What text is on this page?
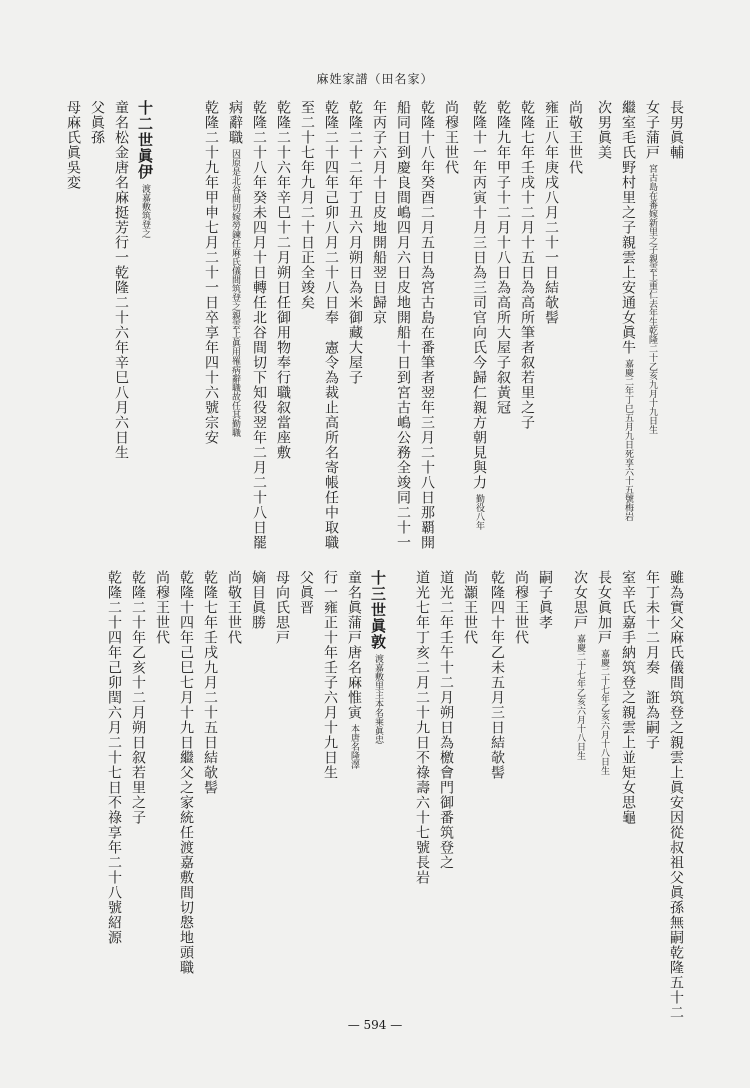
麻姓家譜（田名家）
— 594 —
長男眞輔
女子蒲戸宮古島在番嫁新里之子親雲上重仁去年生乾隆二十乙亥九月十九日生
繼室毛氏野村里之子親雲上安通女眞牛嘉慶二年丁巳五月九日死享六十五號梅岩
次男眞美
尚敬王世代
雍正八年庚戌八月二十一日結欹髻
乾隆七年壬戌十二月十五日為高所筆者叙若里之子
乾隆九年甲子十二月十八日為高所大屋子叙黃冠
乾隆十一年丙寅十月三日為三司官向氏今歸仁親方朝見與力勤役八年
尚穆王世代
乾隆十八年癸酉二月五日為宮古島在番筆者翌年三月二十八日那覇開
船同日到慶良間嶋四月六日皮地開船十日到宮古嶋公務全竣同二十一
年丙子六月十日皮地開船翌日歸京
乾隆二十二年丁丑六月朔日為米御藏大屋子
乾隆二十四年己卯八月二十八日奉　憲令為裁止高所名寄帳任中取職
至二十七年九月二十日正全竣矣
乾隆二十六年辛巳十二月朔日任御用物奉行職叙當座敷
乾隆二十八年癸未四月十日轉任北谷間切下知役翌年二月二十八日罷
病辭職因原是北谷間切嫁勞鍊任麻氏儀間筑登之親雲上眞用罹病辭職故任其勤職
乾隆二十九年甲申七月二十一日卒享年四十六號宗安
十二世眞伊渡嘉敷筑登之
童名松金唐名麻挺芳行一乾隆二十六年辛巳八月六日生
父眞孫
母麻氏眞吳変
雖為實父麻氏儀間筑登之親雲上眞安因從叔祖父眞孫無嗣乾隆五十二
年丁未十二月奏　誑為嗣子
室辛氏嘉手納筑登之親雲上並矩女思龜
長女眞加戸嘉慶二十七年乙亥六月十八日生
次女思戸嘉慶二十七年乙亥六月十八日生
嗣子眞孝
尚穆王世代
乾隆四十年乙未五月三日結欹髻
尚灝王世代
道光二年壬午十二月朔日為檄會門御番筑登之
道光七年丁亥二月二十九日不祿壽六十七號長岩
十三世眞敦渡嘉敷里主本名乘眞忠
童名眞蒲戸唐名麻惟寅本唐名隆澤
行一雍正十年壬子六月十九日生
父眞晋
母向氏思戸
嫡目眞勝
尚敬王世代
乾隆七年壬戌九月二十五日結欹髻
乾隆十四年己巳七月十九日繼父之家統任渡嘉敷間切慇地頭職
尚穆王世代
乾隆二十年乙亥十二月朔日叙若里之子
乾隆二十四年己卯閏六月二十七日不祿享年二十八號紹源
